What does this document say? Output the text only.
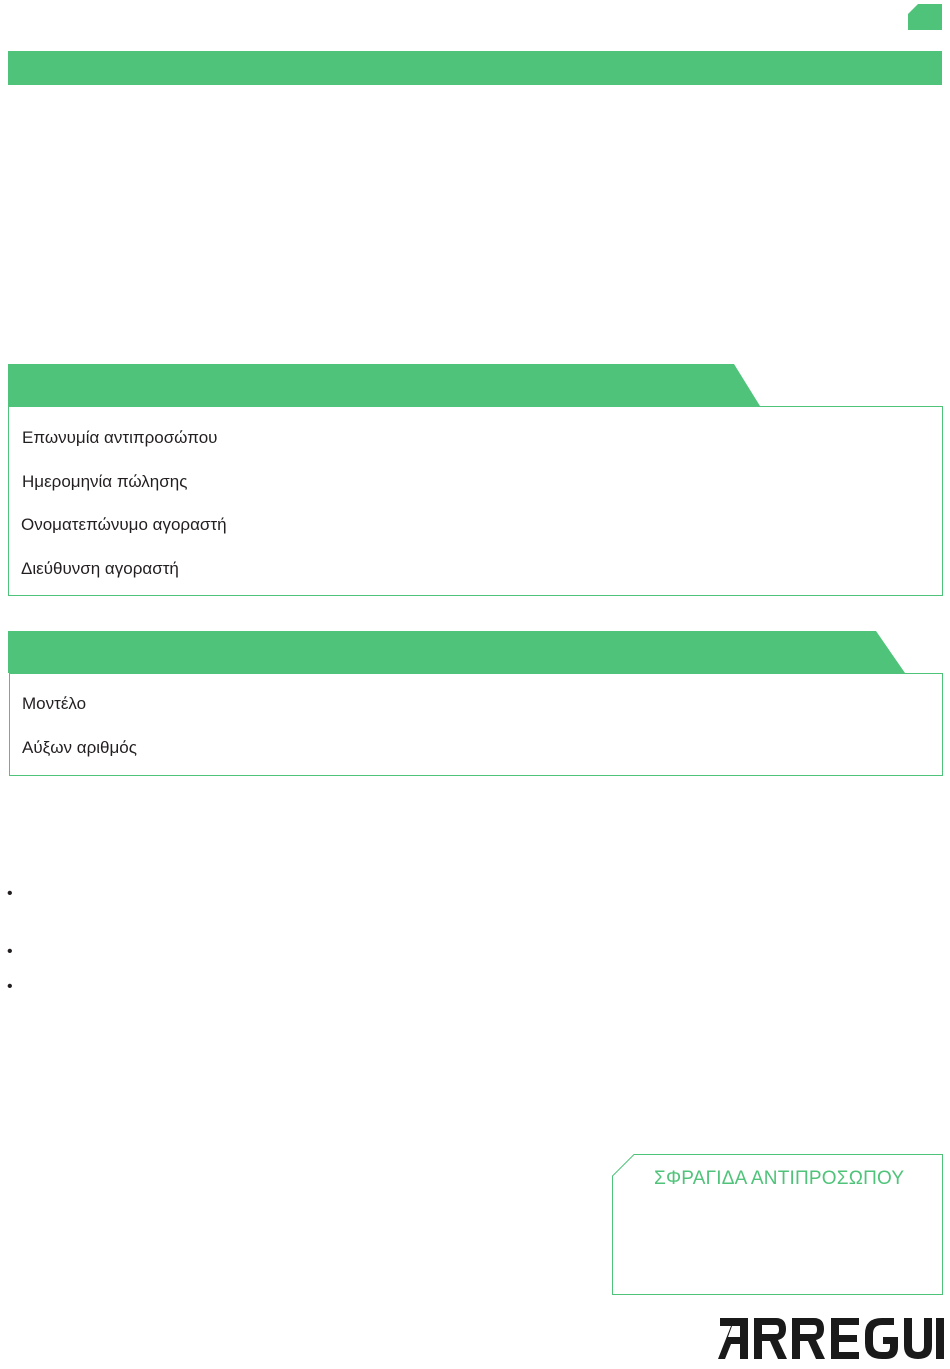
Επωνυμία αντιπροσώπου
Ημερομηνία πώλησης
Ονοματεπώνυμο αγοραστή
Διεύθυνση αγοραστή
Μοντέλο
Αύξων αριθμός
•
•
•
ΣΦΡΑΓΙΔΑ ΑΝΤΙΠΡΟΣΩΠΟΥ
